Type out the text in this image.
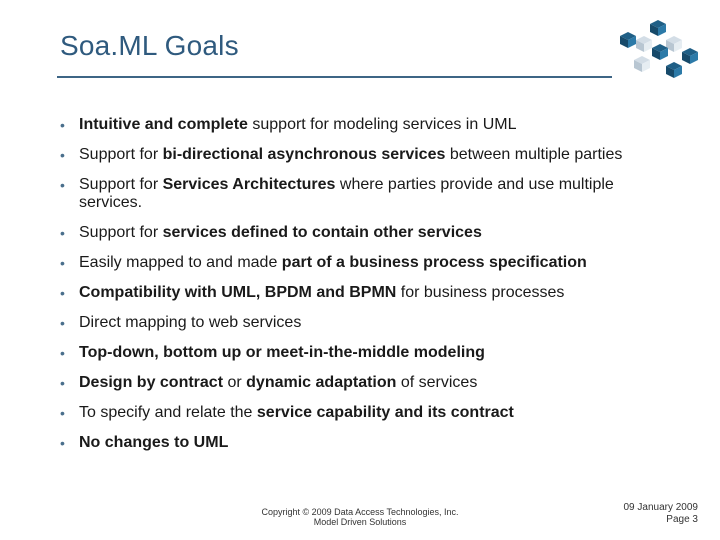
Soa.ML Goals
• Intuitive and complete support for modeling services in UML
• Support for bi-directional asynchronous services between multiple parties
• Support for Services Architectures where parties provide and use multiple services.
• Support for services defined to contain other services
• Easily mapped to and made part of a business process specification
• Compatibility with UML, BPDM and BPMN for business processes
• Direct mapping to web services
• Top-down, bottom up or meet-in-the-middle modeling
• Design by contract or dynamic adaptation of services
• To specify and relate the service capability and its contract
• No changes to UML
Copyright © 2009 Data Access Technologies, Inc.
Model Driven Solutions
09 January 2009
Page 3
